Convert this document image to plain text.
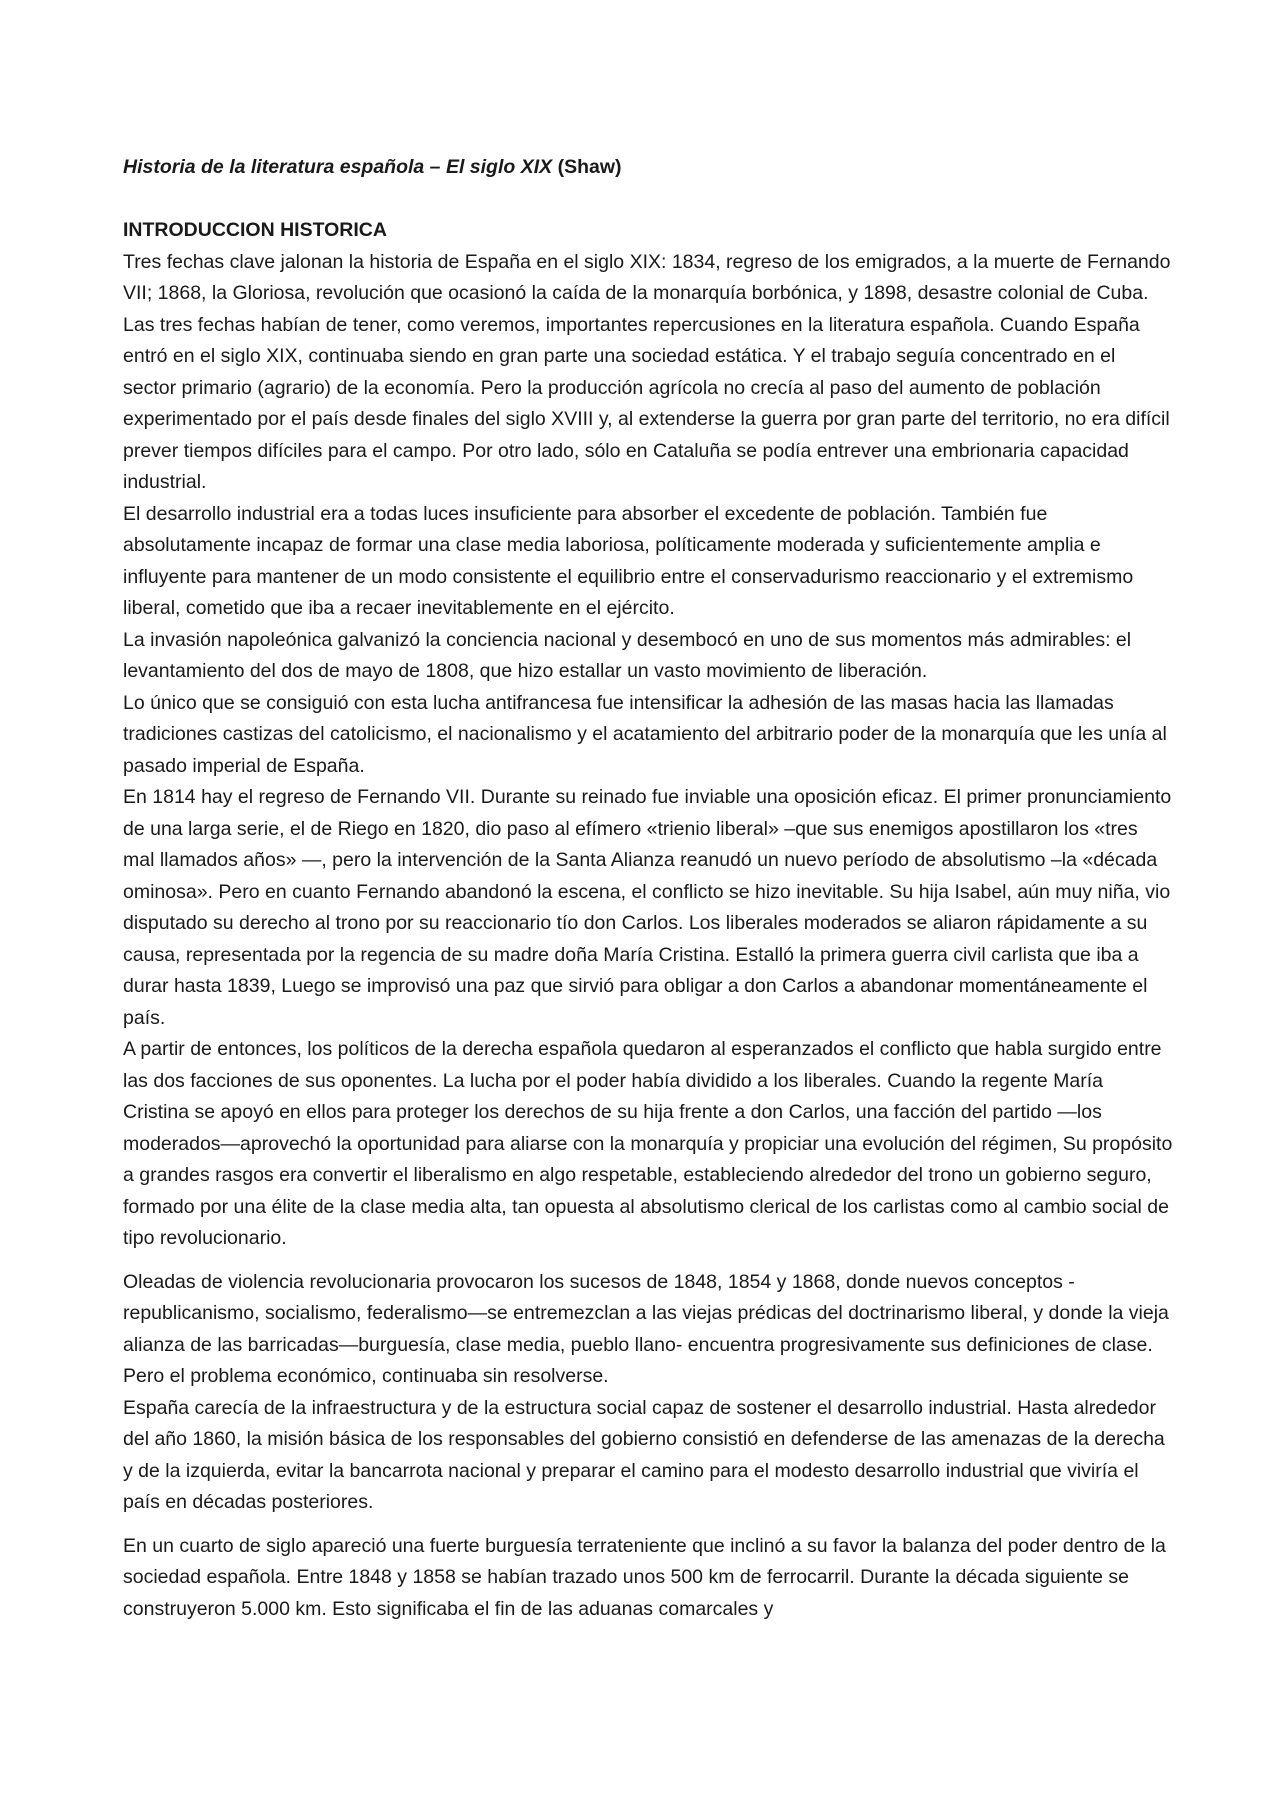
Historia de la literatura española – El siglo XIX (Shaw)

INTRODUCCION HISTORICA

Tres fechas clave jalonan la historia de España en el siglo XIX: 1834, regreso de los emigrados, a la muerte de Fernando VII; 1868, la Gloriosa, revolución que ocasionó la caída de la monarquía borbónica, y 1898, desastre colonial de Cuba. Las tres fechas habían de tener, como veremos, importantes repercusiones en la literatura española. Cuando España entró en el siglo XIX, continuaba siendo en gran parte una sociedad estática. Y el trabajo seguía concentrado en el sector primario (agrario) de la economía. Pero la producción agrícola no crecía al paso del aumento de población experimentado por el país desde finales del siglo XVIII y, al extenderse la guerra por gran parte del territorio, no era difícil prever tiempos difíciles para el campo. Por otro lado, sólo en Cataluña se podía entrever una embrionaria capacidad industrial.

El desarrollo industrial era a todas luces insuficiente para absorber el excedente de población. También fue absolutamente incapaz de formar una clase media laboriosa, políticamente moderada y suficientemente amplia e influyente para mantener de un modo consistente el equilibrio entre el conservadurismo reaccionario y el extremismo liberal, cometido que iba a recaer inevitablemente en el ejército.

La invasión napoleónica galvanizó la conciencia nacional y desembocó en uno de sus momentos más admirables: el levantamiento del dos de mayo de 1808, que hizo estallar un vasto movimiento de liberación.

Lo único que se consiguió con esta lucha antifrancesa fue intensificar la adhesión de las masas hacia las llamadas tradiciones castizas del catolicismo, el nacionalismo y el acatamiento del arbitrario poder de la monarquía que les unía al pasado imperial de España.

En 1814 hay el regreso de Fernando VII. Durante su reinado fue inviable una oposición eficaz. El primer pronunciamiento de una larga serie, el de Riego en 1820, dio paso al efímero «trienio liberal» –que sus enemigos apostillaron los «tres mal llamados años» —, pero la intervención de la Santa Alianza reanudó un nuevo período de absolutismo –la «década ominosa». Pero en cuanto Fernando abandonó la escena, el conflicto se hizo inevitable. Su hija Isabel, aún muy niña, vio disputado su derecho al trono por su reaccionario tío don Carlos. Los liberales moderados se aliaron rápidamente a su causa, representada por la regencia de su madre doña María Cristina. Estalló la primera guerra civil carlista que iba a durar hasta 1839, Luego se improvisó una paz que sirvió para obligar a don Carlos a abandonar momentáneamente el país.

A partir de entonces, los políticos de la derecha española quedaron al esperanzados el conflicto que habla surgido entre las dos facciones de sus oponentes. La lucha por el poder había dividido a los liberales. Cuando la regente María Cristina se apoyó en ellos para proteger los derechos de su hija frente a don Carlos, una facción del partido —los moderados—aprovechó la oportunidad para aliarse con la monarquía y propiciar una evolución del régimen, Su propósito a grandes rasgos era convertir el liberalismo en algo respetable, estableciendo alrededor del trono un gobierno seguro, formado por una élite de la clase media alta, tan opuesta al absolutismo clerical de los carlistas como al cambio social de tipo revolucionario.

Oleadas de violencia revolucionaria provocaron los sucesos de 1848, 1854 y 1868, donde nuevos conceptos -republicanismo, socialismo, federalismo—se entremezclan a las viejas prédicas del doctrinarismo liberal, y donde la vieja alianza de las barricadas—burguesía, clase media, pueblo llano- encuentra progresivamente sus definiciones de clase.

Pero el problema económico, continuaba sin resolverse.

España carecía de la infraestructura y de la estructura social capaz de sostener el desarrollo industrial. Hasta alrededor del año 1860, la misión básica de los responsables del gobierno consistió en defenderse de las amenazas de la derecha y de la izquierda, evitar la bancarrota nacional y preparar el camino para el modesto desarrollo industrial que viviría el país en décadas posteriores.

En un cuarto de siglo apareció una fuerte burguesía terrateniente que inclinó a su favor la balanza del poder dentro de la sociedad española. Entre 1848 y 1858 se habían trazado unos 500 km de ferrocarril. Durante la década siguiente se construyeron 5.000 km. Esto significaba el fin de las aduanas comarcales y
